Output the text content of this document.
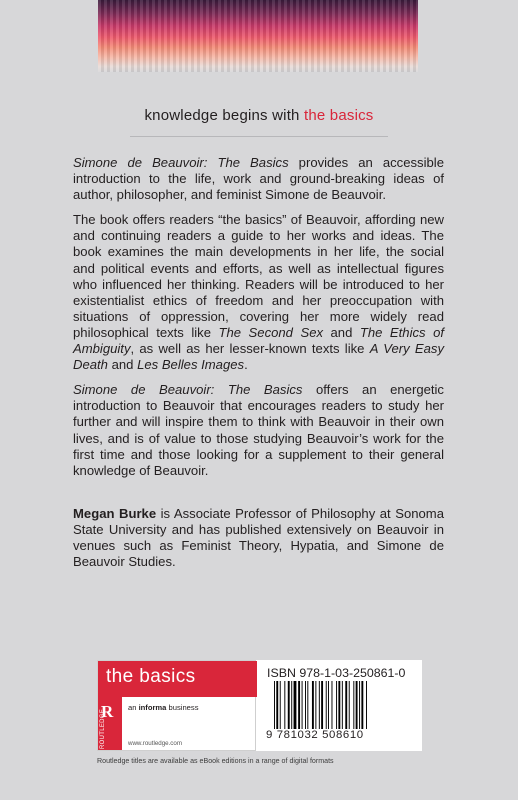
knowledge begins with the basics

Simone de Beauvoir: The Basics provides an accessible introduction to the life, work and ground-breaking ideas of author, philosopher, and feminist Simone de Beauvoir.

The book offers readers “the basics” of Beauvoir, affording new and continuing readers a guide to her works and ideas. The book examines the main developments in her life, the social and political events and efforts, as well as intellectual figures who influenced her thinking. Readers will be introduced to her existentialist ethics of freedom and her preoccupation with situations of oppression, covering her more widely read philosophical texts like The Second Sex and The Ethics of Ambiguity, as well as her lesser-known texts like A Very Easy Death and Les Belles Images.

Simone de Beauvoir: The Basics offers an energetic introduction to Beauvoir that encourages readers to study her further and will inspire them to think with Beauvoir in their own lives, and is of value to those studying Beauvoir’s work for the first time and those looking for a supplement to their general knowledge of Beauvoir.

Megan Burke is Associate Professor of Philosophy at Sonoma State University and has published extensively on Beauvoir in venues such as Feminist Theory, Hypatia, and Simone de Beauvoir Studies.

the basics
R
ROUTLEDGE
an informa business
www.routledge.com
ISBN 978-1-03-250861-0
9 781032 508610
Routledge titles are available as eBook editions in a range of digital formats
